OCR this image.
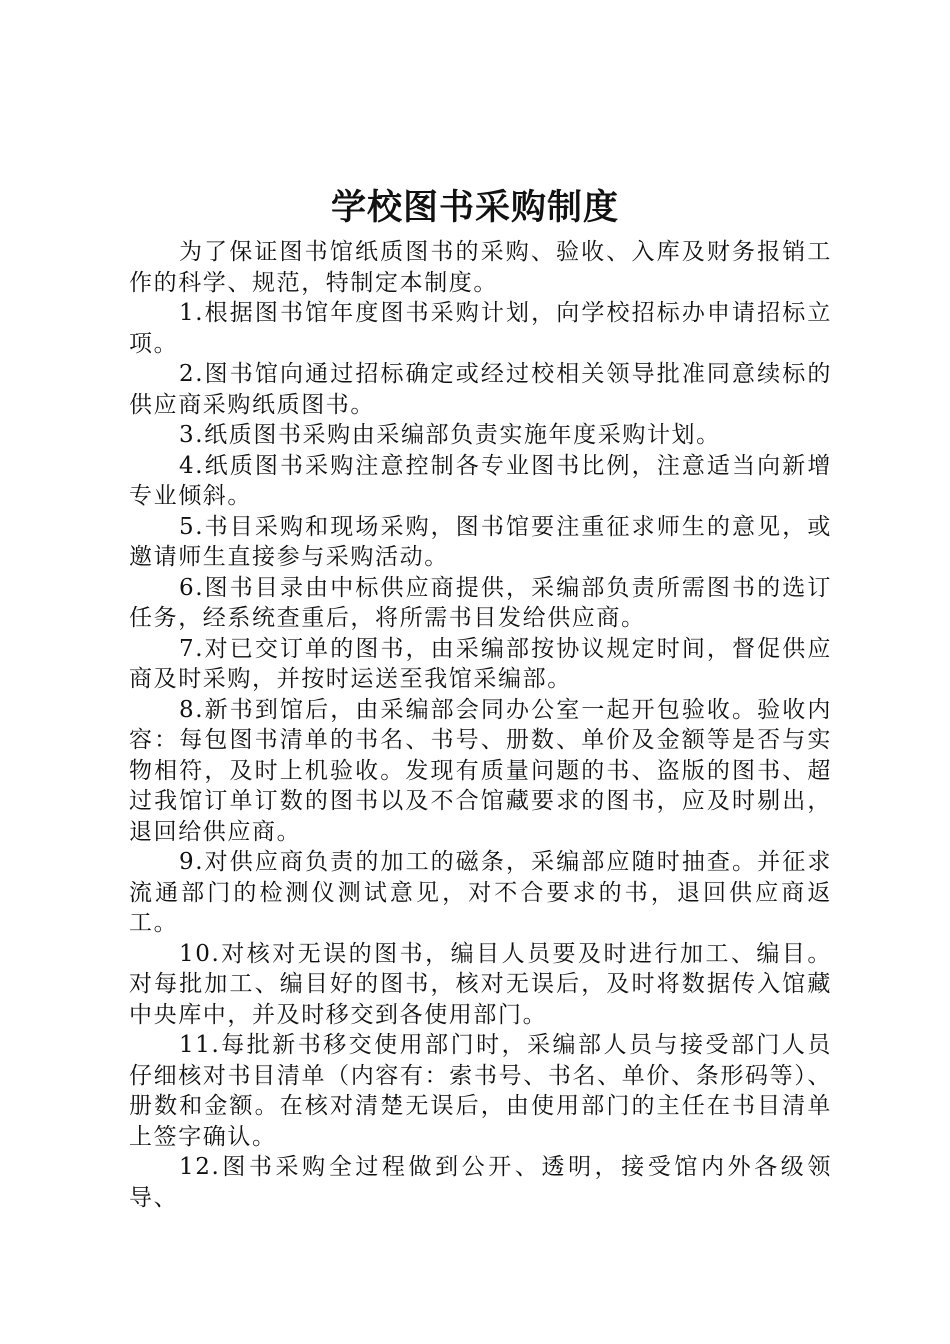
学校图书采购制度

为了保证图书馆纸质图书的采购、验收、入库及财务报销工作的科学、规范，特制定本制度。

1.根据图书馆年度图书采购计划，向学校招标办申请招标立项。

2.图书馆向通过招标确定或经过校相关领导批准同意续标的供应商采购纸质图书。

3.纸质图书采购由采编部负责实施年度采购计划。

4.纸质图书采购注意控制各专业图书比例，注意适当向新增专业倾斜。

5.书目采购和现场采购，图书馆要注重征求师生的意见，或邀请师生直接参与采购活动。

6.图书目录由中标供应商提供，采编部负责所需图书的选订任务，经系统查重后，将所需书目发给供应商。

7.对已交订单的图书，由采编部按协议规定时间，督促供应商及时采购，并按时运送至我馆采编部。

8.新书到馆后，由采编部会同办公室一起开包验收。验收内容：每包图书清单的书名、书号、册数、单价及金额等是否与实物相符，及时上机验收。发现有质量问题的书、盗版的图书、超过我馆订单订数的图书以及不合馆藏要求的图书，应及时剔出，退回给供应商。

9.对供应商负责的加工的磁条，采编部应随时抽查。并征求流通部门的检测仪测试意见，对不合要求的书，退回供应商返工。

10.对核对无误的图书，编目人员要及时进行加工、编目。对每批加工、编目好的图书，核对无误后，及时将数据传入馆藏中央库中，并及时移交到各使用部门。

11.每批新书移交使用部门时，采编部人员与接受部门人员仔细核对书目清单（内容有：索书号、书名、单价、条形码等）、册数和金额。在核对清楚无误后，由使用部门的主任在书目清单上签字确认。

12.图书采购全过程做到公开、透明，接受馆内外各级领导、
